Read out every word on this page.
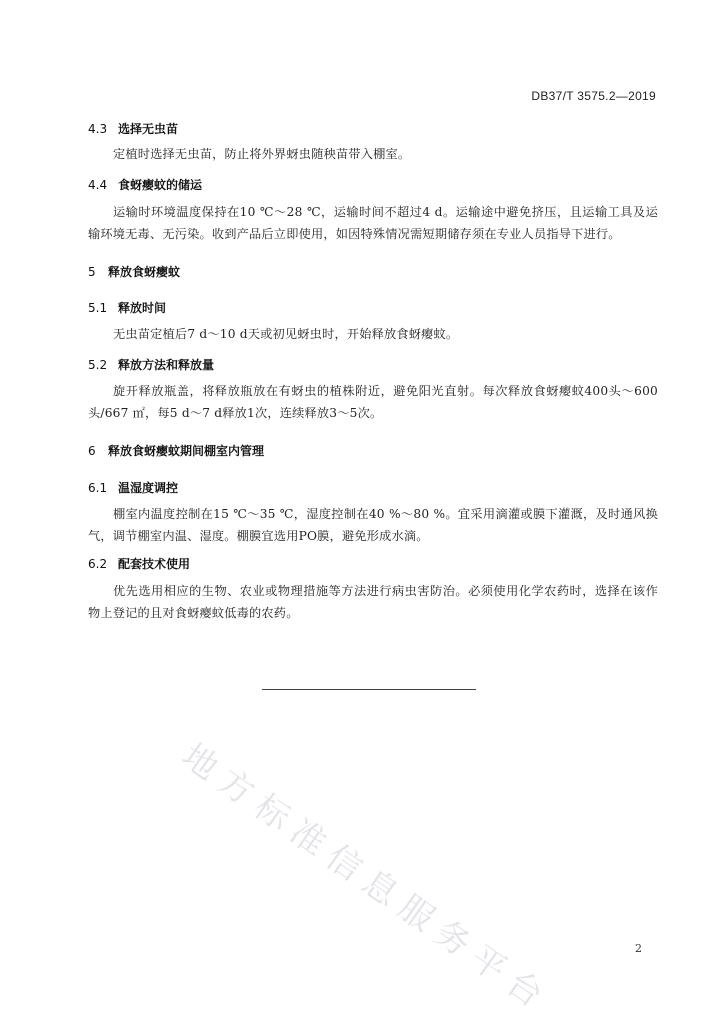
DB37/T 3575.2—2019
4.3 选择无虫苗
定植时选择无虫苗，防止将外界蚜虫随秧苗带入棚室。
4.4 食蚜瘿蚊的储运
运输时环境温度保持在10 ℃～28 ℃，运输时间不超过4 d。运输途中避免挤压，且运输工具及运输环境无毒、无污染。收到产品后立即使用，如因特殊情况需短期储存须在专业人员指导下进行。
5 释放食蚜瘿蚊
5.1 释放时间
无虫苗定植后7 d～10 d天或初见蚜虫时，开始释放食蚜瘿蚊。
5.2 释放方法和释放量
旋开释放瓶盖，将释放瓶放在有蚜虫的植株附近，避免阳光直射。每次释放食蚜瘿蚊400头～600头/667 ㎡，每5 d～7 d释放1次，连续释放3～5次。
6 释放食蚜瘿蚊期间棚室内管理
6.1 温湿度调控
棚室内温度控制在15 ℃～35 ℃，湿度控制在40 %～80 %。宜采用滴灌或膜下灌溉，及时通风换气，调节棚室内温、湿度。棚膜宜选用PO膜，避免形成水滴。
6.2 配套技术使用
优先选用相应的生物、农业或物理措施等方法进行病虫害防治。必须使用化学农药时，选择在该作物上登记的且对食蚜瘿蚊低毒的农药。
地方标准信息服务平台	2
